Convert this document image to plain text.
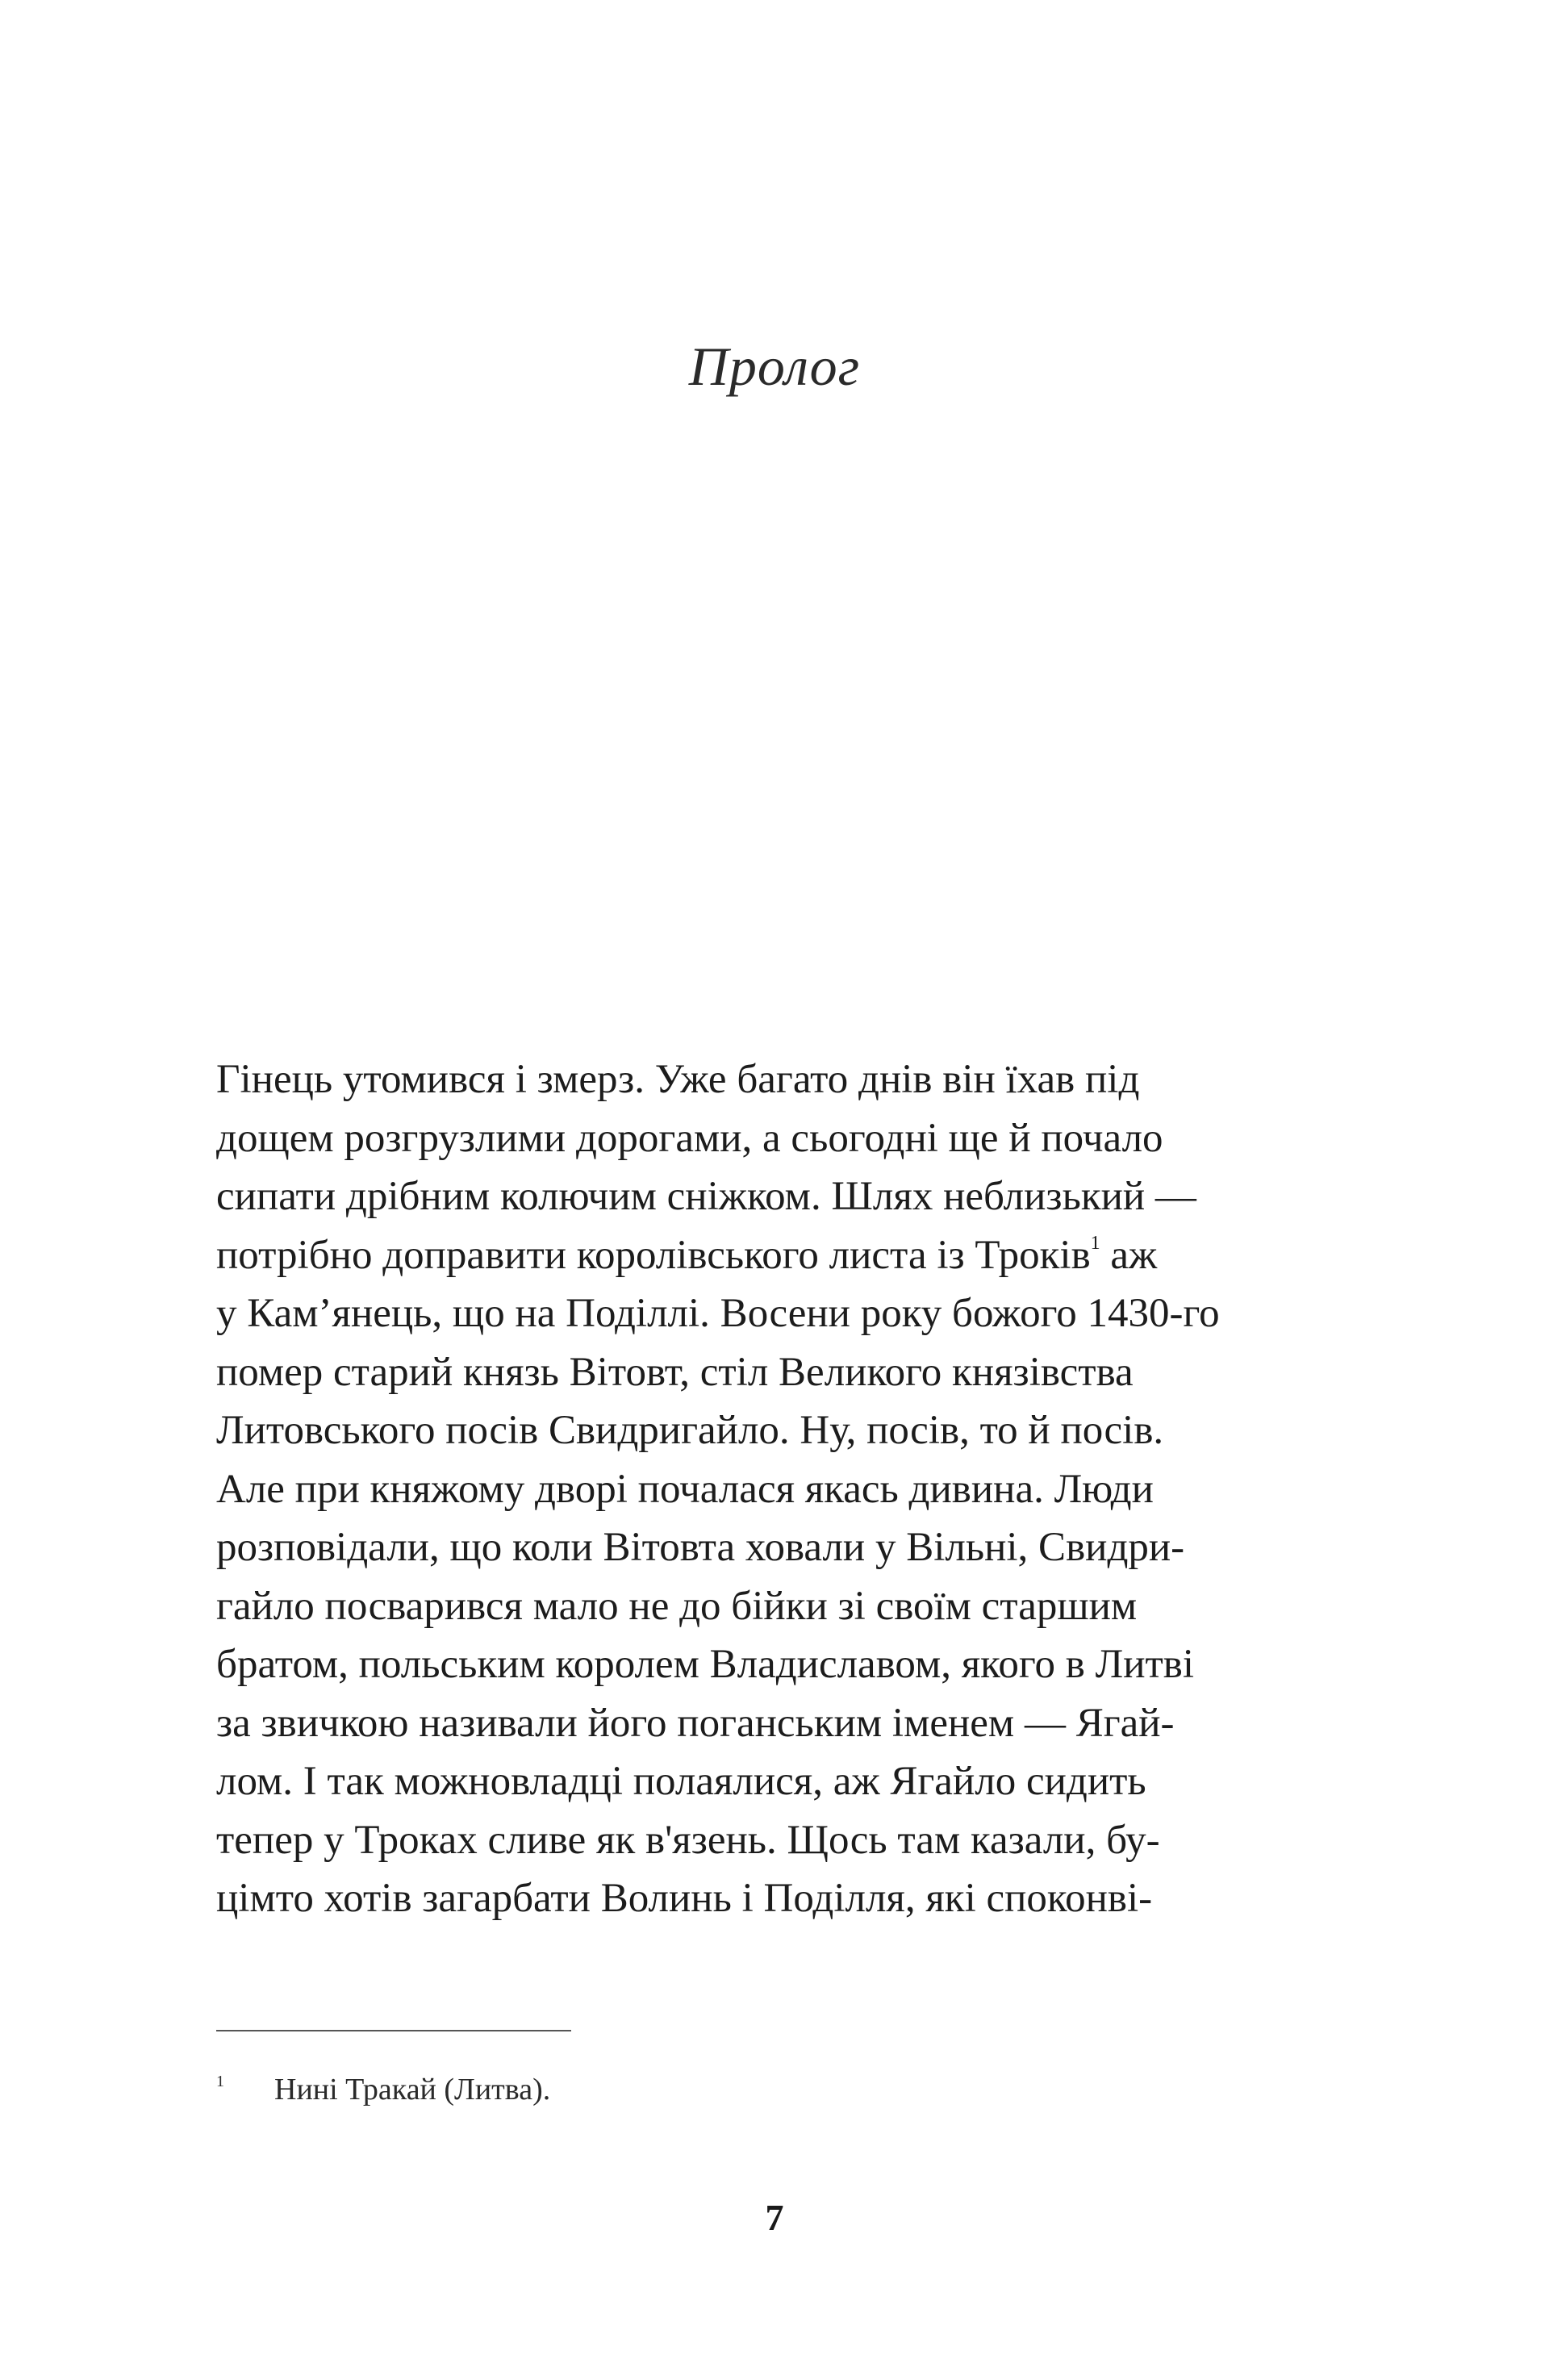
Пролог
Гінець утомився і змерз. Уже багато днів він їхав під
дощем розгрузлими дорогами, а сьогодні ще й почало
сипати дрібним колючим сніжком. Шлях неблизький —
потрібно доправити королівського листа із Троків$^1$ аж
у Кам’янець, що на Поділлі. Восени року божого 1430-го
помер старий князь Вітовт, стіл Великого князівства
Литовського посів Свидригайло. Ну, посів, то й посів.
Але при княжому дворі почалася якась дивина. Люди
розповідали, що коли Вітовта ховали у Вільні, Свидри-
гайло посварився мало не до бійки зі своїм старшим
братом, польським королем Владиславом, якого в Литві
за звичкою називали його поганським іменем — Ягай-
лом. І так можновладці полаялися, аж Ягайло сидить
тепер у Троках сливе як в'язень. Щось там казали, бу-
цімто хотів загарбати Волинь і Поділля, які споконві-
1 Нині Тракай (Литва).
7
